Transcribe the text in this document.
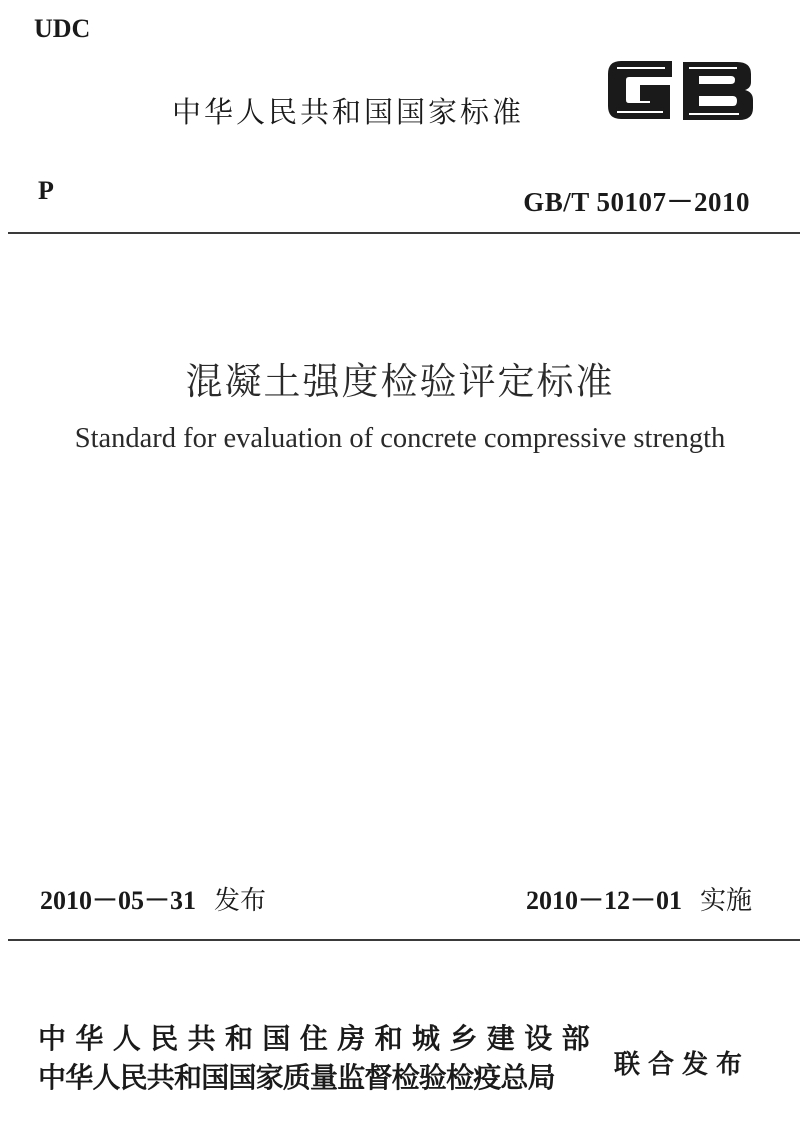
UDC
中华人民共和国国家标准
P	GB/T 50107－2010
混凝土强度检验评定标准
Standard for evaluation of concrete compressive strength
2010－05－31 发布	2010－12－01 实施
中华人民共和国住房和城乡建设部
中华人民共和国国家质量监督检验检疫总局 联合发布
